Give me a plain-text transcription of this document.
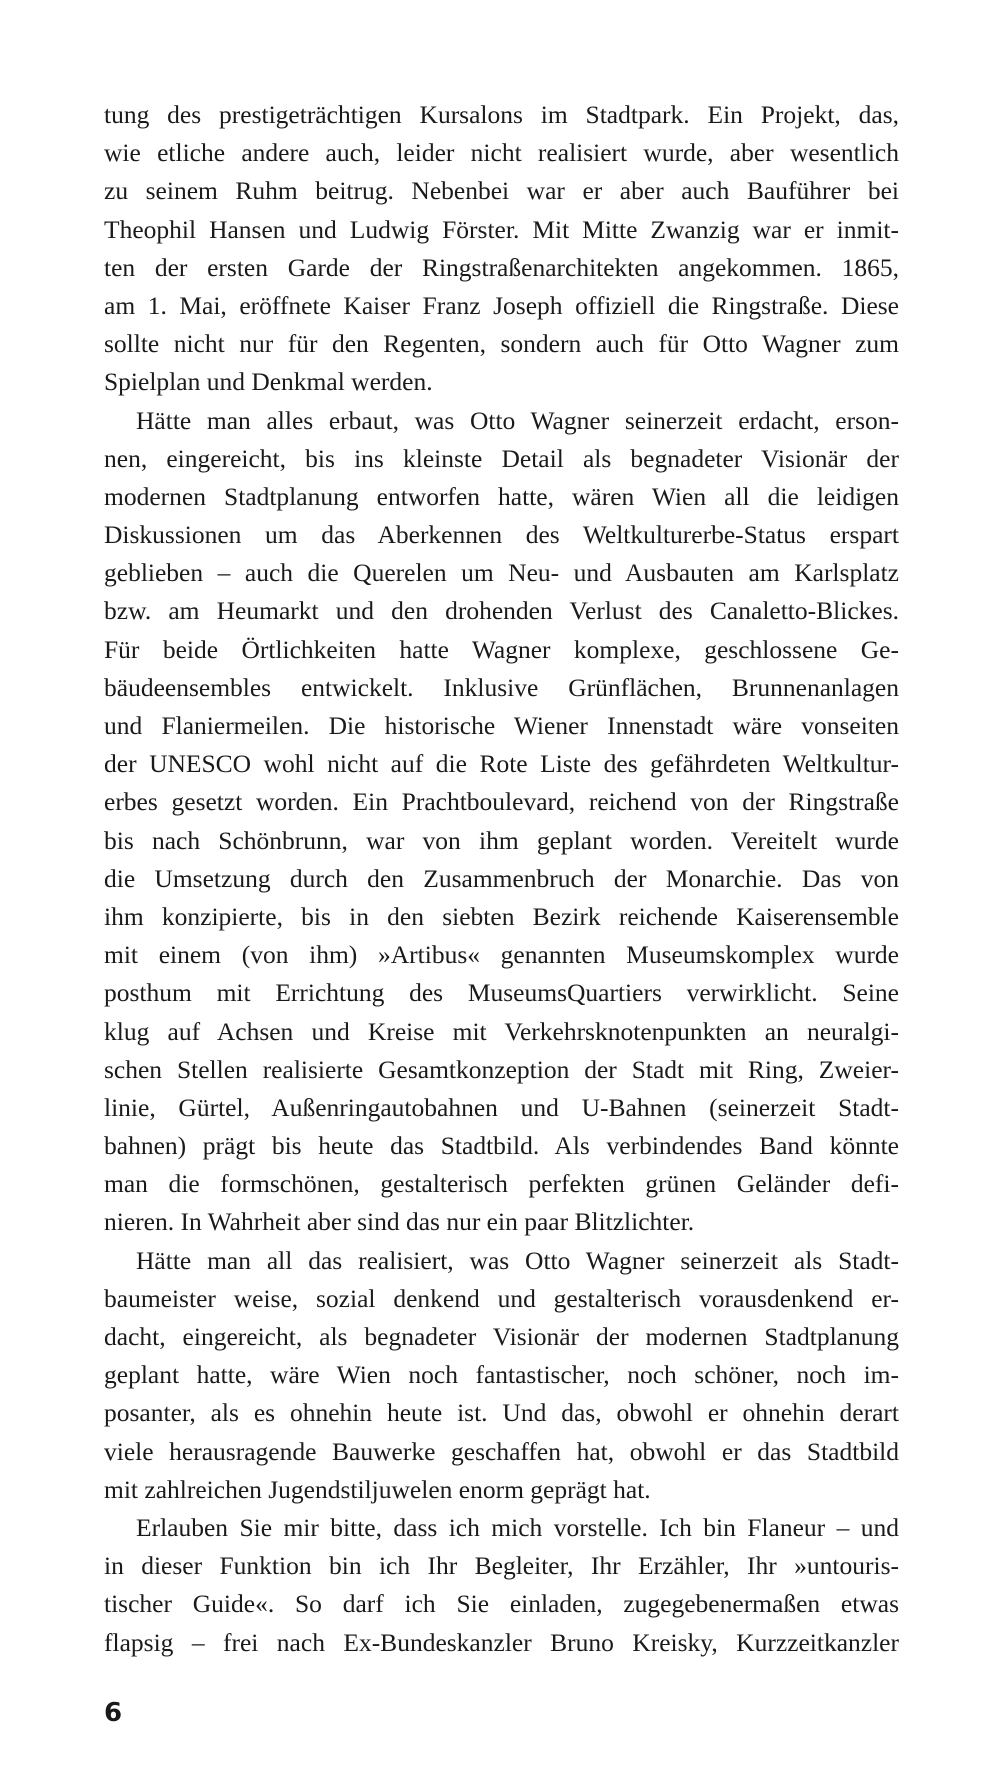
tung des prestigeträchtigen Kursalons im Stadtpark. Ein Projekt, das,
wie etliche andere auch, leider nicht realisiert wurde, aber wesentlich
zu seinem Ruhm beitrug. Nebenbei war er aber auch Bauführer bei
Theophil Hansen und Ludwig Förster. Mit Mitte Zwanzig war er inmit-
ten der ersten Garde der Ringstraßenarchitekten angekommen. 1865,
am 1. Mai, eröffnete Kaiser Franz Joseph offiziell die Ringstraße. Diese
sollte nicht nur für den Regenten, sondern auch für Otto Wagner zum
Spielplan und Denkmal werden.
Hätte man alles erbaut, was Otto Wagner seinerzeit erdacht, erson-
nen, eingereicht, bis ins kleinste Detail als begnadeter Visionär der
modernen Stadtplanung entworfen hatte, wären Wien all die leidigen
Diskussionen um das Aberkennen des Weltkulturerbe-Status erspart
geblieben – auch die Querelen um Neu- und Ausbauten am Karlsplatz
bzw. am Heumarkt und den drohenden Verlust des Canaletto-Blickes.
Für beide Örtlichkeiten hatte Wagner komplexe, geschlossene Ge-
bäudeensembles entwickelt. Inklusive Grünflächen, Brunnenanlagen
und Flaniermeilen. Die historische Wiener Innenstadt wäre vonseiten
der UNESCO wohl nicht auf die Rote Liste des gefährdeten Weltkultur-
erbes gesetzt worden. Ein Prachtboulevard, reichend von der Ringstraße
bis nach Schönbrunn, war von ihm geplant worden. Vereitelt wurde
die Umsetzung durch den Zusammenbruch der Monarchie. Das von
ihm konzipierte, bis in den siebten Bezirk reichende Kaiserensemble
mit einem (von ihm) »Artibus« genannten Museumskomplex wurde
posthum mit Errichtung des MuseumsQuartiers verwirklicht. Seine
klug auf Achsen und Kreise mit Verkehrsknotenpunkten an neuralgi-
schen Stellen realisierte Gesamtkonzeption der Stadt mit Ring, Zweier-
linie, Gürtel, Außenringautobahnen und U-Bahnen (seinerzeit Stadt-
bahnen) prägt bis heute das Stadtbild. Als verbindendes Band könnte
man die formschönen, gestalterisch perfekten grünen Geländer defi-
nieren. In Wahrheit aber sind das nur ein paar Blitzlichter.
Hätte man all das realisiert, was Otto Wagner seinerzeit als Stadt-
baumeister weise, sozial denkend und gestalterisch vorausdenkend er-
dacht, eingereicht, als begnadeter Visionär der modernen Stadtplanung
geplant hatte, wäre Wien noch fantastischer, noch schöner, noch im-
posanter, als es ohnehin heute ist. Und das, obwohl er ohnehin derart
viele herausragende Bauwerke geschaffen hat, obwohl er das Stadtbild
mit zahlreichen Jugendstiljuwelen enorm geprägt hat.
Erlauben Sie mir bitte, dass ich mich vorstelle. Ich bin Flaneur – und
in dieser Funktion bin ich Ihr Begleiter, Ihr Erzähler, Ihr »untouris-
tischer Guide«. So darf ich Sie einladen, zugegebenermaßen etwas
flapsig – frei nach Ex-Bundeskanzler Bruno Kreisky, Kurzzeitkanzler
6
